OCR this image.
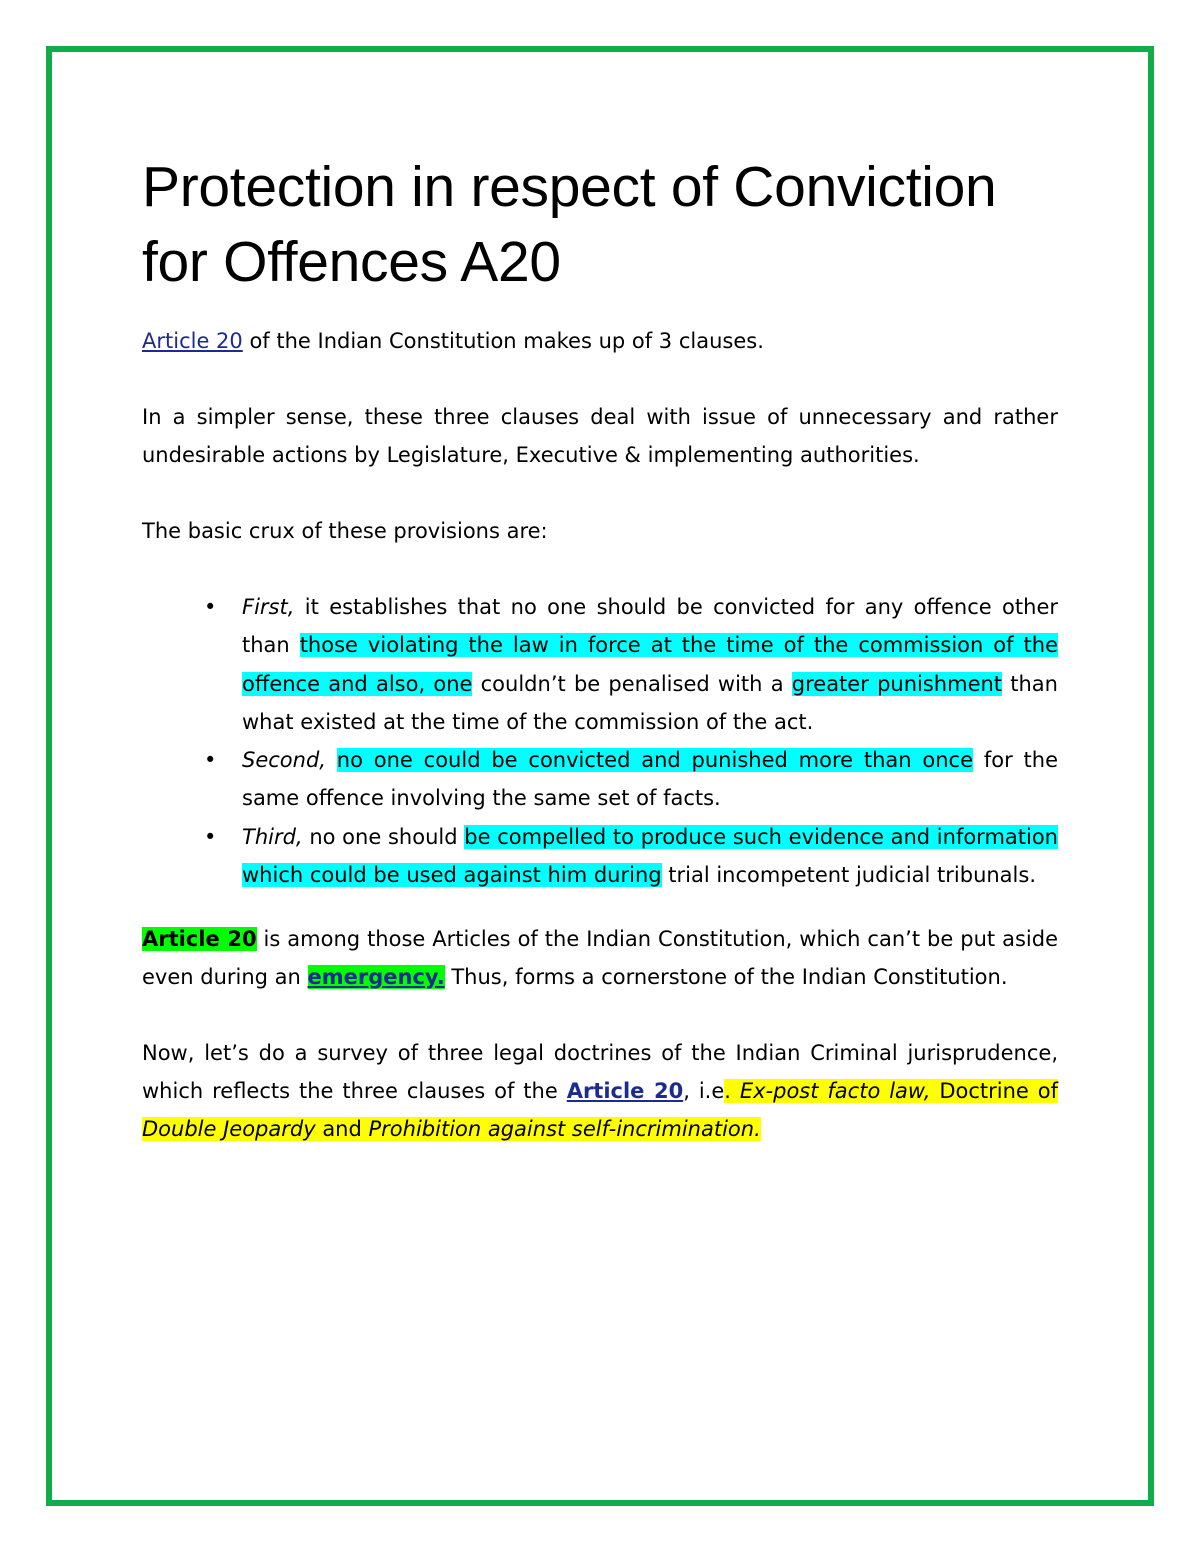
Protection in respect of Conviction for Offences A20

Article 20 of the Indian Constitution makes up of 3 clauses.

In a simpler sense, these three clauses deal with issue of unnecessary and rather undesirable actions by Legislature, Executive & implementing authorities.

The basic crux of these provisions are:

• First, it establishes that no one should be convicted for any offence other than those violating the law in force at the time of the commission of the offence and also, one couldn’t be penalised with a greater punishment than what existed at the time of the commission of the act.
• Second, no one could be convicted and punished more than once for the same offence involving the same set of facts.
• Third, no one should be compelled to produce such evidence and information which could be used against him during trial incompetent judicial tribunals.

Article 20 is among those Articles of the Indian Constitution, which can’t be put aside even during an emergency. Thus, forms a cornerstone of the Indian Constitution.

Now, let’s do a survey of three legal doctrines of the Indian Criminal jurisprudence, which reflects the three clauses of the Article 20, i.e. Ex-post facto law, Doctrine of Double Jeopardy and Prohibition against self-incrimination.
